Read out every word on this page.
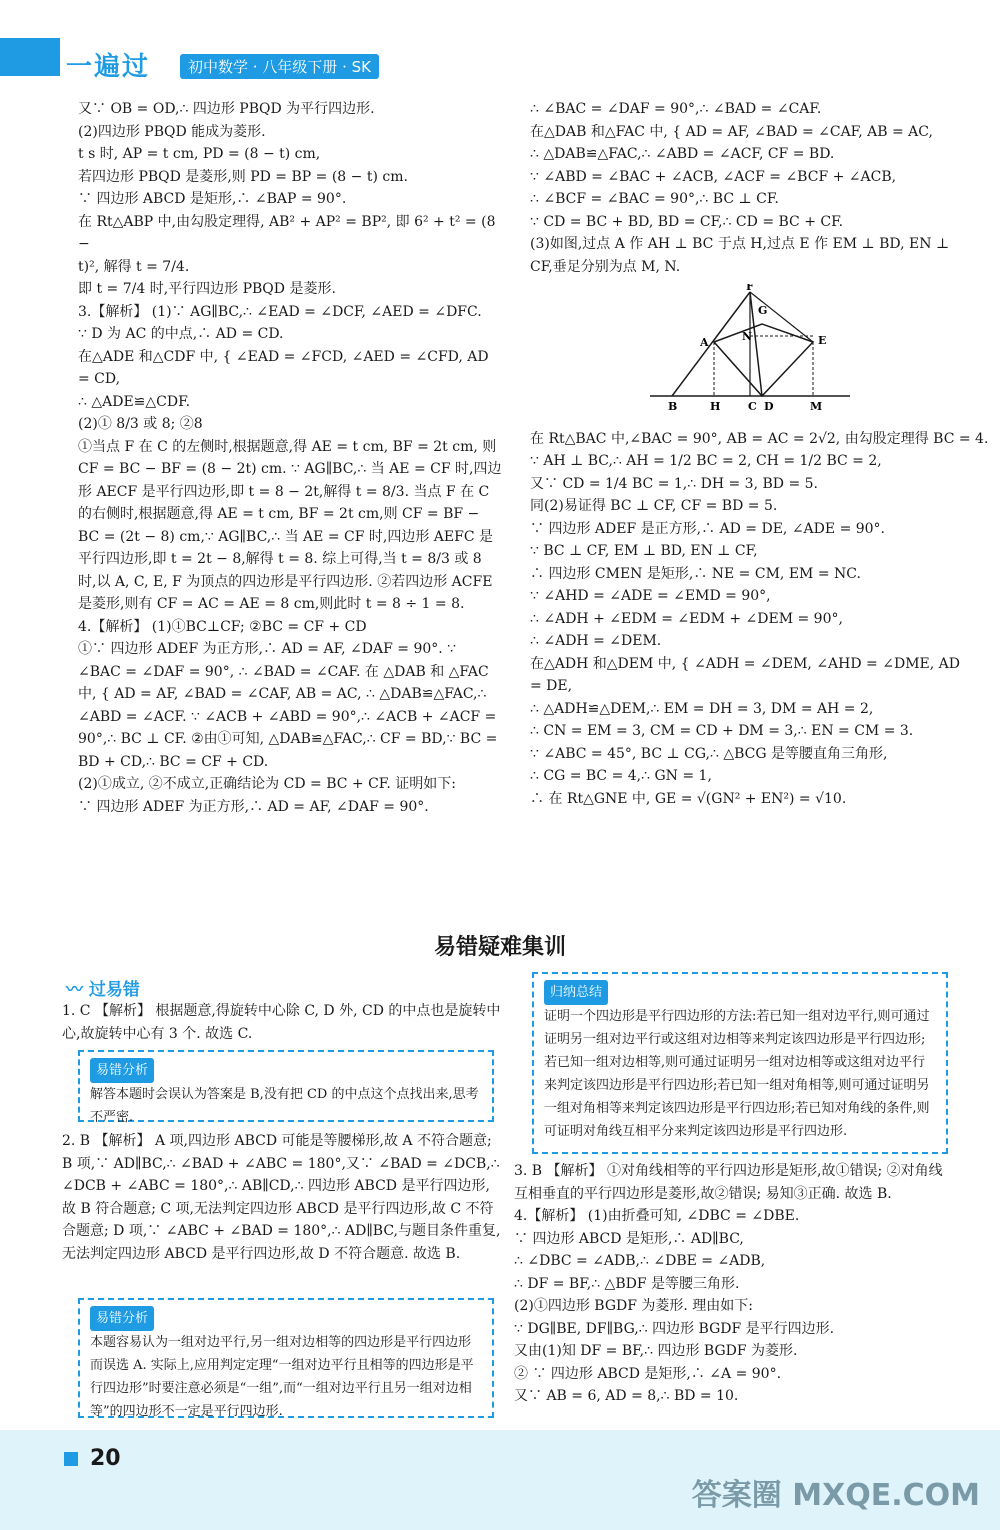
一遍过	初中数学 · 八年级下册 · SK

又∵ OB = OD,∴ 四边形 PBQD 为平行四边形.

(2)四边形 PBQD 能成为菱形.

t s 时, AP = t cm, PD = (8 − t) cm,

若四边形 PBQD 是菱形,则 PD = BP = (8 − t) cm.

∵ 四边形 ABCD 是矩形,∴ ∠BAP = 90°.

在 Rt△ABP 中,由勾股定理得, AB² + AP² = BP², 即 6² + t² = (8 −

t)², 解得 t = 7/4.

即 t = 7/4 时,平行四边形 PBQD 是菱形.

3.【解析】 (1)∵ AG∥BC,∴ ∠EAD = ∠DCF, ∠AED = ∠DFC.

∵ D 为 AC 的中点,∴ AD = CD.

在△ADE 和△CDF 中, { ∠EAD = ∠FCD, ∠AED = ∠CFD, AD = CD,

∴ △ADE≌△CDF.

(2)① 8/3 或 8; ②8

①当点 F 在 C 的左侧时,根据题意,得 AE = t cm, BF = 2t cm, 则 CF = BC − BF = (8 − 2t) cm. ∵ AG∥BC,∴ 当 AE = CF 时,四边形 AECF 是平行四边形,即 t = 8 − 2t,解得 t = 8/3. 当点 F 在 C 的右侧时,根据题意,得 AE = t cm, BF = 2t cm,则 CF = BF − BC = (2t − 8) cm,∵ AG∥BC,∴ 当 AE = CF 时,四边形 AEFC 是平行四边形,即 t = 2t − 8,解得 t = 8. 综上可得,当 t = 8/3 或 8 时,以 A, C, E, F 为顶点的四边形是平行四边形. ②若四边形 ACFE 是菱形,则有 CF = AC = AE = 8 cm,则此时 t = 8 ÷ 1 = 8.

4.【解析】 (1)①BC⊥CF; ②BC = CF + CD

①∵ 四边形 ADEF 为正方形,∴ AD = AF, ∠DAF = 90°. ∵ ∠BAC = ∠DAF = 90°, ∴ ∠BAD = ∠CAF. 在 △DAB 和 △FAC 中, { AD = AF, ∠BAD = ∠CAF, AB = AC, ∴ △DAB≌△FAC,∴ ∠ABD = ∠ACF. ∵ ∠ACB + ∠ABD = 90°,∴ ∠ACB + ∠ACF = 90°,∴ BC ⊥ CF. ②由①可知, △DAB≌△FAC,∴ CF = BD,∵ BC = BD + CD,∴ BC = CF + CD.

(2)①成立, ②不成立,正确结论为 CD = BC + CF. 证明如下:

∵ 四边形 ADEF 为正方形,∴ AD = AF, ∠DAF = 90°.

∴ ∠BAC = ∠DAF = 90°,∴ ∠BAD = ∠CAF.

在△DAB 和△FAC 中, { AD = AF, ∠BAD = ∠CAF, AB = AC,

∴ △DAB≌△FAC,∴ ∠ABD = ∠ACF, CF = BD.

∵ ∠ABD = ∠BAC + ∠ACB, ∠ACF = ∠BCF + ∠ACB,

∴ ∠BCF = ∠BAC = 90°,∴ BC ⊥ CF.

∵ CD = BC + BD, BD = CF,∴ CD = BC + CF.

(3)如图,过点 A 作 AH ⊥ BC 于点 H,过点 E 作 EM ⊥ BD, EN ⊥ CF,垂足分别为点 M, N.

F
G
N	E
A
B	H	C D	M

在 Rt△BAC 中,∠BAC = 90°, AB = AC = 2√2, 由勾股定理得 BC = 4.

∵ AH ⊥ BC,∴ AH = 1/2 BC = 2, CH = 1/2 BC = 2,

又∵ CD = 1/4 BC = 1,∴ DH = 3, BD = 5.

同(2)易证得 BC ⊥ CF, CF = BD = 5.

∵ 四边形 ADEF 是正方形,∴ AD = DE, ∠ADE = 90°.

∵ BC ⊥ CF, EM ⊥ BD, EN ⊥ CF,

∴ 四边形 CMEN 是矩形,∴ NE = CM, EM = NC.

∵ ∠AHD = ∠ADE = ∠EMD = 90°,

∴ ∠ADH + ∠EDM = ∠EDM + ∠DEM = 90°,

∴ ∠ADH = ∠DEM.

在△ADH 和△DEM 中, { ∠ADH = ∠DEM, ∠AHD = ∠DME, AD = DE,

∴ △ADH≌△DEM,∴ EM = DH = 3, DM = AH = 2,

∴ CN = EM = 3, CM = CD + DM = 3,∴ EN = CM = 3.

∵ ∠ABC = 45°, BC ⊥ CG,∴ △BCG 是等腰直角三角形,

∴ CG = BC = 4,∴ GN = 1,

∴ 在 Rt△GNE 中, GE = √(GN² + EN²) = √10.

易错疑难集训
〰 过易错

1. C 【解析】 根据题意,得旋转中心除 C, D 外, CD 的中点也是旋转中心,故旋转中心有 3 个. 故选 C.

易错分析
解答本题时会误认为答案是 B,没有把 CD 的中点这个点找出来,思考不严密.

2. B 【解析】 A 项,四边形 ABCD 可能是等腰梯形,故 A 不符合题意; B 项,∵ AD∥BC,∴ ∠BAD + ∠ABC = 180°,又∵ ∠BAD = ∠DCB,∴ ∠DCB + ∠ABC = 180°,∴ AB∥CD,∴ 四边形 ABCD 是平行四边形,故 B 符合题意; C 项,无法判定四边形 ABCD 是平行四边形,故 C 不符合题意; D 项,∵ ∠ABC + ∠BAD = 180°,∴ AD∥BC,与题目条件重复,无法判定四边形 ABCD 是平行四边形,故 D 不符合题意. 故选 B.

易错分析
本题容易认为一组对边平行,另一组对边相等的四边形是平行四边形而误选 A. 实际上,应用判定定理“一组对边平行且相等的四边形是平行四边形”时要注意必须是“一组”,而“一组对边平行且另一组对边相等”的四边形不一定是平行四边形.
归纳总结
证明一个四边形是平行四边形的方法:若已知一组对边平行,则可通过证明另一组对边平行或这组对边相等来判定该四边形是平行四边形;若已知一组对边相等,则可通过证明另一组对边相等或这组对边平行来判定该四边形是平行四边形;若已知一组对角相等,则可通过证明另一组对角相等来判定该四边形是平行四边形;若已知对角线的条件,则可证明对角线互相平分来判定该四边形是平行四边形.

3. B 【解析】 ①对角线相等的平行四边形是矩形,故①错误; ②对角线互相垂直的平行四边形是菱形,故②错误; 易知③正确. 故选 B.

4.【解析】 (1)由折叠可知, ∠DBC = ∠DBE.

∵ 四边形 ABCD 是矩形,∴ AD∥BC,

∴ ∠DBC = ∠ADB,∴ ∠DBE = ∠ADB,

∴ DF = BF,∴ △BDF 是等腰三角形.

(2)①四边形 BGDF 为菱形. 理由如下:

∵ DG∥BE, DF∥BG,∴ 四边形 BGDF 是平行四边形.

又由(1)知 DF = BF,∴ 四边形 BGDF 为菱形.

② ∵ 四边形 ABCD 是矩形,∴ ∠A = 90°.

又∵ AB = 6, AD = 8,∴ BD = 10.

20
答案圈 MXQE.COM
